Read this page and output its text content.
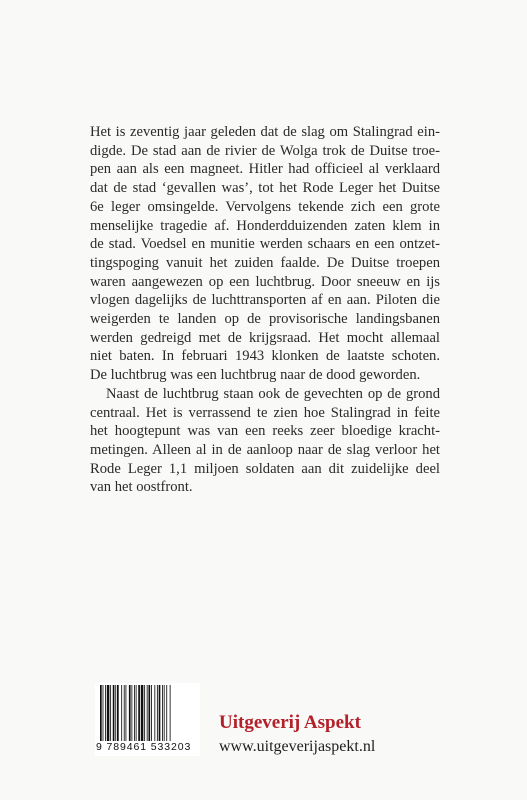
Het is zeventig jaar geleden dat de slag om Stalingrad ein-
digde. De stad aan de rivier de Wolga trok de Duitse troe-
pen aan als een magneet. Hitler had officieel al verklaard
dat de stad ‘gevallen was’, tot het Rode Leger het Duitse
6e leger omsingelde. Vervolgens tekende zich een grote
menselijke tragedie af. Honderdduizenden zaten klem in
de stad. Voedsel en munitie werden schaars en een ontzet-
tingspoging vanuit het zuiden faalde. De Duitse troepen
waren aangewezen op een luchtbrug. Door sneeuw en ijs
vlogen dagelijks de luchttransporten af en aan. Piloten die
weigerden te landen op de provisorische landingsbanen
werden gedreigd met de krijgsraad. Het mocht allemaal
niet baten. In februari 1943 klonken de laatste schoten.
De luchtbrug was een luchtbrug naar de dood geworden.

Naast de luchtbrug staan ook de gevechten op de grond
centraal. Het is verrassend te zien hoe Stalingrad in feite
het hoogtepunt was van een reeks zeer bloedige kracht-
metingen. Alleen al in de aanloop naar de slag verloor het
Rode Leger 1,1 miljoen soldaten aan dit zuidelijke deel
van het oostfront.

9 789461 533203
Uitgeverij Aspekt
www.uitgeverijaspekt.nl
